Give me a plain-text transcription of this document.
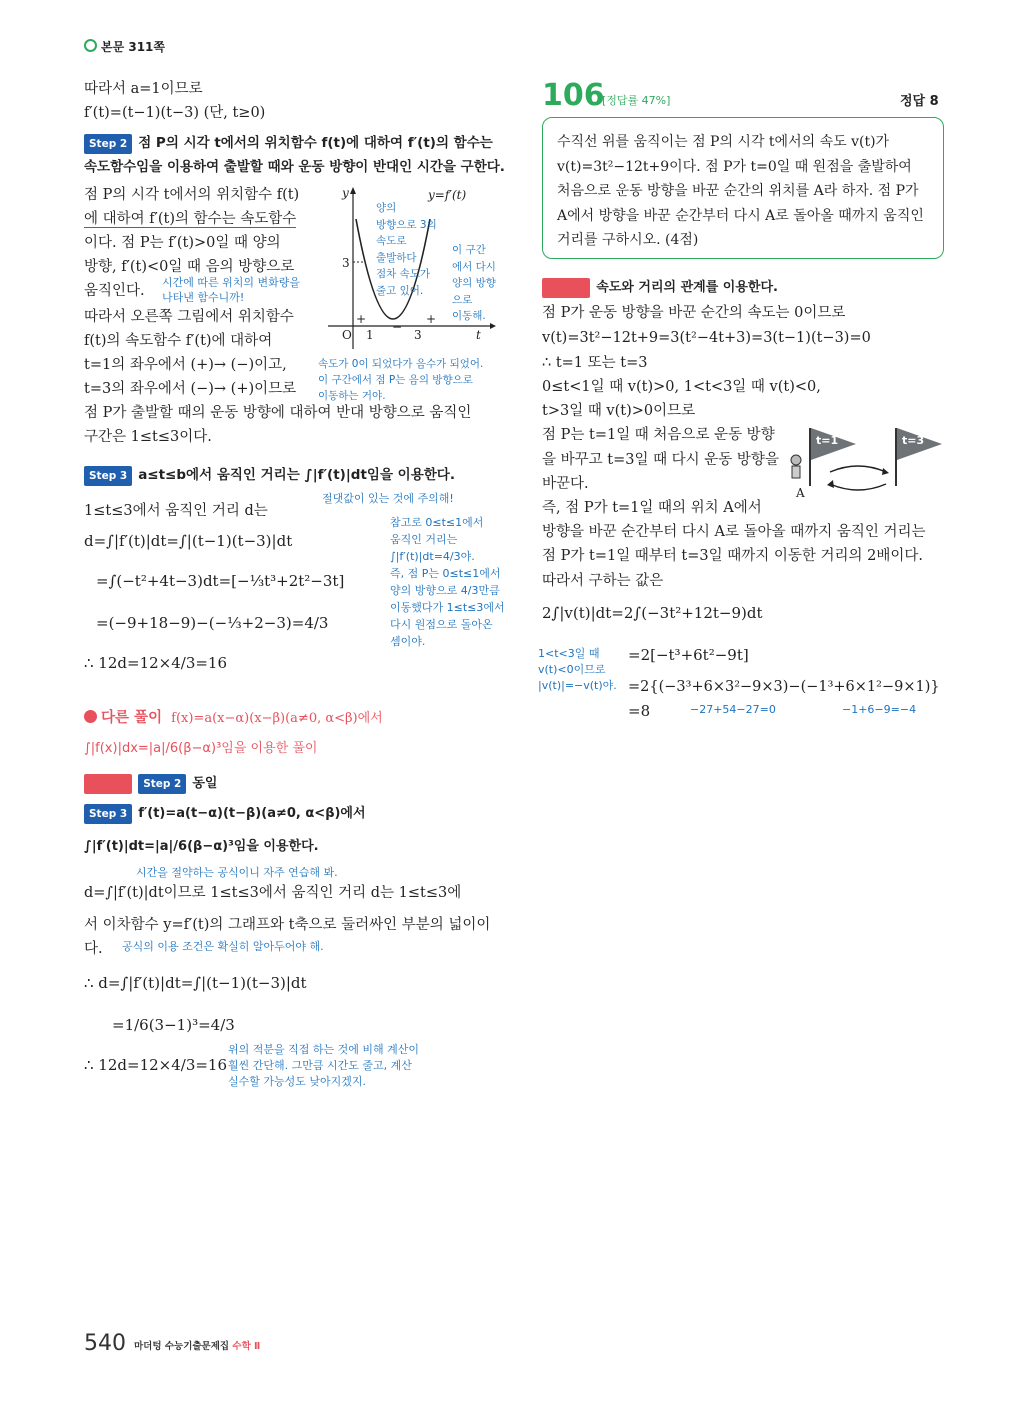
본문 311쪽
따라서 a=1이므로
f′(t)=(t−1)(t−3) (단, t≥0)
Step 2 점 P의 시각 t에서의 위치함수 f(t)에 대하여 f′(t)의 함수는
속도함수임을 이용하여 출발할 때와 운동 방향이 반대인 시간을 구한다.
점 P의 시각 t에서의 위치함수 f(t)
에 대하여 f′(t)의 함수는 속도함수
이다. 점 P는 f′(t)>0일 때 양의
방향, f′(t)<0일 때 음의 방향으로
움직인다.
시간에 따른 위치의 변화량을
나타낸 함수니까!
따라서 오른쪽 그림에서 위치함수
f(t)의 속도함수 f′(t)에 대하여
t=1의 좌우에서 (+)→ (−)이고,
t=3의 좌우에서 (−)→ (+)이므로
점 P가 출발할 때의 운동 방향에 대하여 반대 방향으로 움직인
구간은 1≤t≤3이다.
y	y=f′(t)
3
O 1	3	t
+
−
+
양의
방향으로 3의
속도로
출발하다
점차 속도가
줄고 있어.
이 구간
에서 다시
양의 방향
으로
이동해.
속도가 0이 되었다가 음수가 되었어.
이 구간에서 점 P는 음의 방향으로
이동하는 거야.
Step 3 a≤t≤b에서 움직인 거리는 ∫|f′(t)|dt임을 이용한다.
절댓값이 있는 것에 주의해!
1≤t≤3에서 움직인 거리 d는
d=∫|f′(t)|dt=∫|(t−1)(t−3)|dt
=∫(−t²+4t−3)dt=[−⅓t³+2t²−3t]
=(−9+18−9)−(−⅓+2−3)=4/3
∴ 12d=12×4/3=16
참고로 0≤t≤1에서
움직인 거리는
∫|f′(t)|dt=4/3야.
즉, 점 P는 0≤t≤1에서
양의 방향으로 4/3만큼
이동했다가 1≤t≤3에서
다시 원점으로 돌아온
셈이야.
다른 풀이 f(x)=a(x−α)(x−β)(a≠0, α<β)에서
∫|f(x)|dx=|a|/6(β−α)³임을 이용한 풀이
Step 1 Step 2 동일
Step 3 f′(t)=a(t−α)(t−β)(a≠0, α<β)에서
∫|f′(t)|dt=|a|/6(β−α)³임을 이용한다.
시간을 절약하는 공식이니 자주 연습해 봐.
d=∫|f′(t)|dt이므로 1≤t≤3에서 움직인 거리 d는 1≤t≤3에
서 이차함수 y=f′(t)의 그래프와 t축으로 둘러싸인 부분의 넓이이
다. 공식의 이용 조건은 확실히 알아두어야 해.
∴ d=∫|f′(t)|dt=∫|(t−1)(t−3)|dt
=1/6(3−1)³=4/3
∴ 12d=12×4/3=16
위의 적분을 직접 하는 것에 비해 계산이
훨씬 간단해. 그만큼 시간도 줄고, 계산
실수할 가능성도 낮아지겠지.
106
[정답률 47%]	정답 8
수직선 위를 움직이는 점 P의 시각 t에서의 속도 v(t)가
v(t)=3t²−12t+9이다. 점 P가 t=0일 때 원점을 출발하여
처음으로 운동 방향을 바꾼 순간의 위치를 A라 하자. 점 P가
A에서 방향을 바꾼 순간부터 다시 A로 돌아올 때까지 움직인
거리를 구하시오. (4점)
Step 1 속도와 거리의 관계를 이용한다.
점 P가 운동 방향을 바꾼 순간의 속도는 0이므로
v(t)=3t²−12t+9=3(t²−4t+3)=3(t−1)(t−3)=0
∴ t=1 또는 t=3
0≤t<1일 때 v(t)>0, 1<t<3일 때 v(t)<0,
t>3일 때 v(t)>0이므로
점 P는 t=1일 때 처음으로 운동 방향
을 바꾸고 t=3일 때 다시 운동 방향을
바꾼다.
즉, 점 P가 t=1일 때의 위치 A에서
방향을 바꾼 순간부터 다시 A로 돌아올 때까지 움직인 거리는
점 P가 t=1일 때부터 t=3일 때까지 이동한 거리의 2배이다.
따라서 구하는 값은
t=1	t=3
A
2∫|v(t)|dt=2∫(−3t²+12t−9)dt
=2[−t³+6t²−9t]
=2{(−3³+6×3²−9×3)−(−1³+6×1²−9×1)}
=8
1<t<3일 때
v(t)<0이므로
|v(t)|=−v(t)야.
−27+54−27=0	−1+6−9=−4
540 마더텅 수능기출문제집 수학 Ⅱ
